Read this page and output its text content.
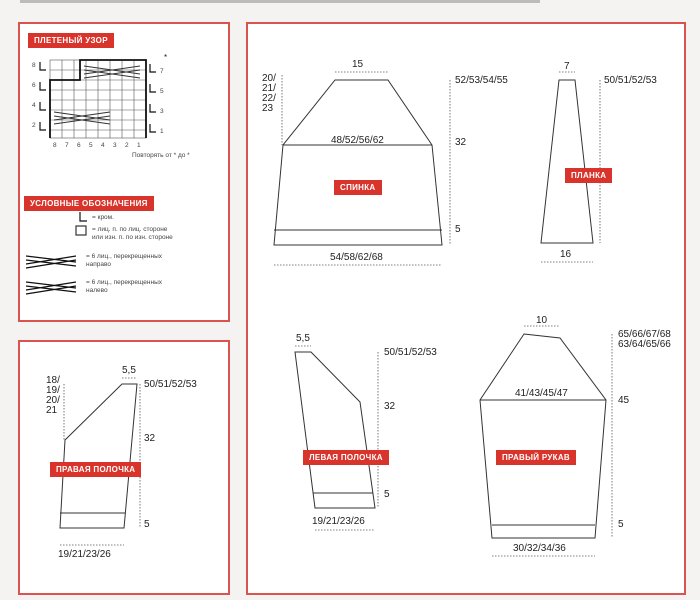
ПЛЕТЕНЫЙ УЗОР
*
8
6
4
2
7
5
3
1
8 7 6 5 4 3 2 1
Повторять от * до *
УСЛОВНЫЕ ОБОЗНАЧЕНИЯ
= кром.
= лиц. п. по лиц. стороне
или изн. п. по изн. стороне
= 6 лиц., перекрещенных
направо
= 6 лиц., перекрещенных
налево
15
20/
21/
22/
23
52/53/54/55
48/52/56/62	32
СПИНКА
5
54/58/62/68
7
50/51/52/53
ПЛАНКА
16
5,5
18/
19/
20/
21
50/51/52/53
32
ПРАВАЯ ПОЛОЧКА
5
19/21/23/26
5,5
50/51/52/53
32
ЛЕВАЯ ПОЛОЧКА
5
19/21/23/26
10
65/66/67/68
63/64/65/66
41/43/45/47
45
ПРАВЫЙ РУКАВ
5
30/32/34/36
